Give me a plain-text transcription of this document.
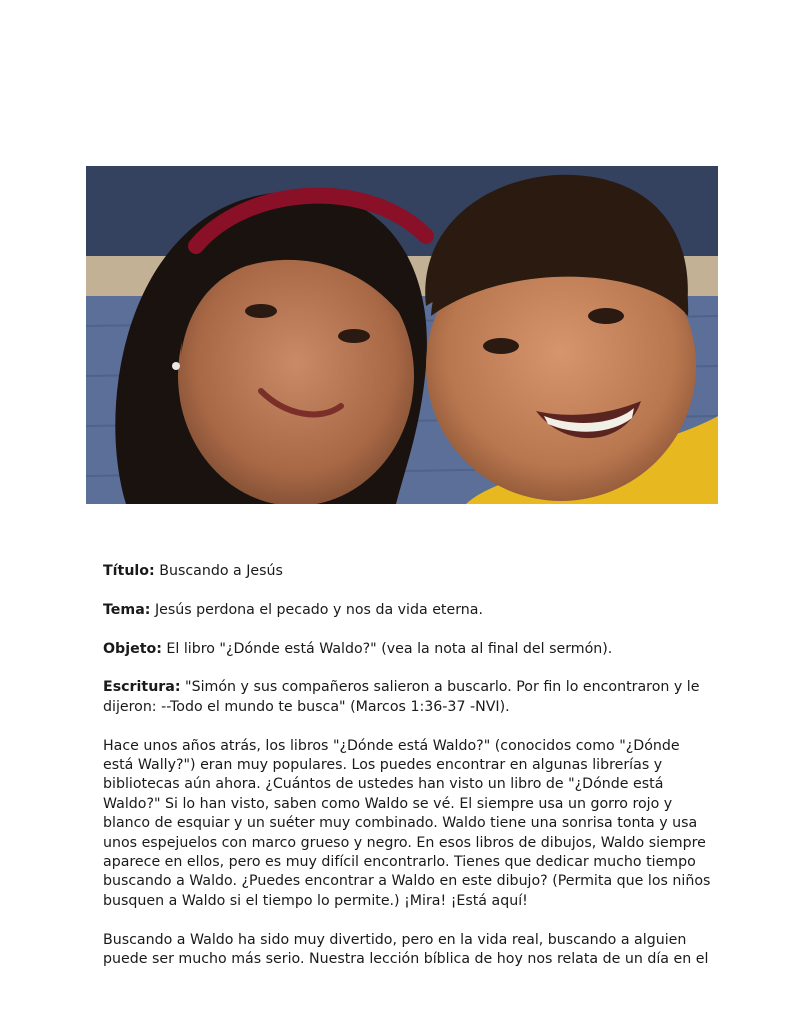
Título: Buscando a Jesús

Tema: Jesús perdona el pecado y nos da vida eterna.

Objeto: El libro "¿Dónde está Waldo?" (vea la nota al final del sermón).

Escritura: "Simón y sus compañeros salieron a buscarlo. Por fin lo encontraron y le dijeron: --Todo el mundo te busca" (Marcos 1:36-37 -NVI).

Hace unos años atrás, los libros "¿Dónde está Waldo?" (conocidos como "¿Dónde está Wally?") eran muy populares. Los puedes encontrar en algunas librerías y bibliotecas aún ahora. ¿Cuántos de ustedes han visto un libro de "¿Dónde está Waldo?" Si lo han visto, saben como Waldo se vé. El siempre usa un gorro rojo y blanco de esquiar y un suéter muy combinado. Waldo tiene una sonrisa tonta y usa unos espejuelos con marco grueso y negro. En esos libros de dibujos, Waldo siempre aparece en ellos, pero es muy difícil encontrarlo. Tienes que dedicar mucho tiempo buscando a Waldo. ¿Puedes encontrar a Waldo en este dibujo? (Permita que los niños busquen a Waldo si el tiempo lo permite.) ¡Mira! ¡Está aquí!

Buscando a Waldo ha sido muy divertido, pero en la vida real, buscando a alguien puede ser mucho más serio. Nuestra lección bíblica de hoy nos relata de un día en el
